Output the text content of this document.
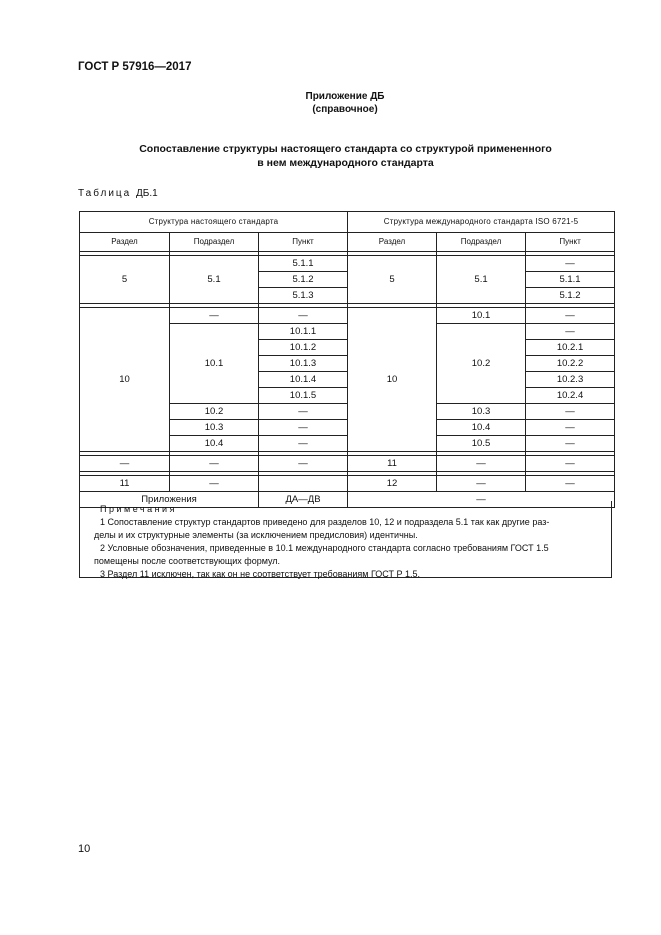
ГОСТ Р 57916—2017
Приложение ДБ
(справочное)
Сопоставление структуры настоящего стандарта со структурой примененного
в нем международного стандарта
Таблица ДБ.1
Структура настоящего стандарта			Структура международного стандарта ISO 6721-5		
Раздел	Подраздел	Пункт	Раздел	Подраздел	Пункт

5	5.1	5.1.1	5	5.1	—
		5.1.2			5.1.1
		5.1.3			5.1.2

10	—	—	10	10.1	—
	10.1	10.1.1		10.2	—
		10.1.2			10.2.1
		10.1.3			10.2.2
		10.1.4			10.2.3
		10.1.5			10.2.4
	10.2	—		10.3	—
	10.3	—		10.4	—
	10.4	—		10.5	—

—	—	—	11	—	—

11	—		12	—	—
Приложения		ДА—ДВ	—		
Примечания
1 Сопоставление структур стандартов приведено для разделов 10, 12 и подраздела 5.1 так как другие раз-
делы и их структурные элементы (за исключением предисловия) идентичны.
2 Условные обозначения, приведенные в 10.1 международного стандарта согласно требованиям ГОСТ 1.5
помещены после соответствующих формул.
3 Раздел 11 исключен, так как он не соответствует требованиям ГОСТ Р 1.5.
10
